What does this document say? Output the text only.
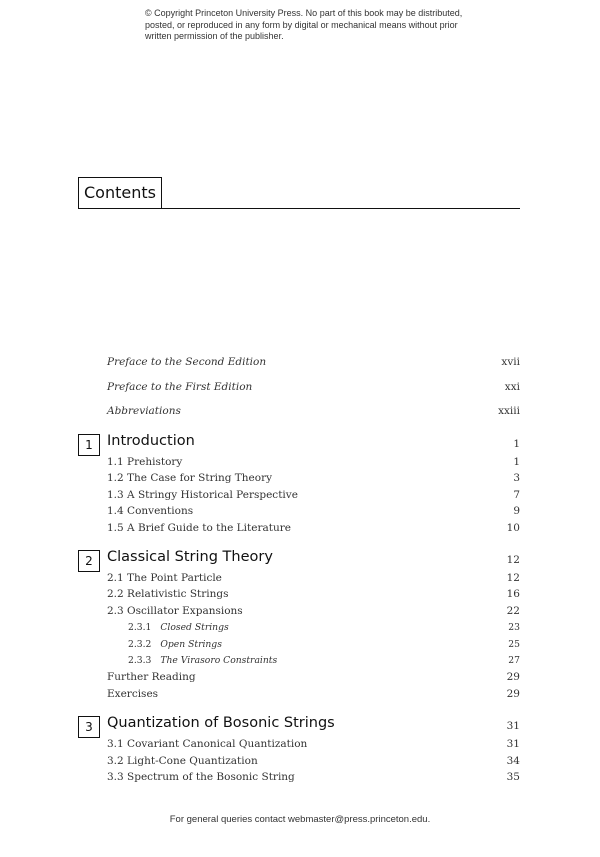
© Copyright Princeton University Press. No part of this book may be distributed, posted, or reproduced in any form by digital or mechanical means without prior written permission of the publisher.
Contents
Preface to the Second Edition	xvii
Preface to the First Edition	xxi
Abbreviations	xxiii
1 Introduction	1
1.1 Prehistory	1
1.2 The Case for String Theory	3
1.3 A Stringy Historical Perspective	7
1.4 Conventions	9
1.5 A Brief Guide to the Literature	10
2 Classical String Theory	12
2.1 The Point Particle	12
2.2 Relativistic Strings	16
2.3 Oscillator Expansions	22
2.3.1 Closed Strings	23
2.3.2 Open Strings	25
2.3.3 The Virasoro Constraints	27
Further Reading	29
Exercises	29
3 Quantization of Bosonic Strings	31
3.1 Covariant Canonical Quantization	31
3.2 Light-Cone Quantization	34
3.3 Spectrum of the Bosonic String	35
For general queries contact webmaster@press.princeton.edu.
